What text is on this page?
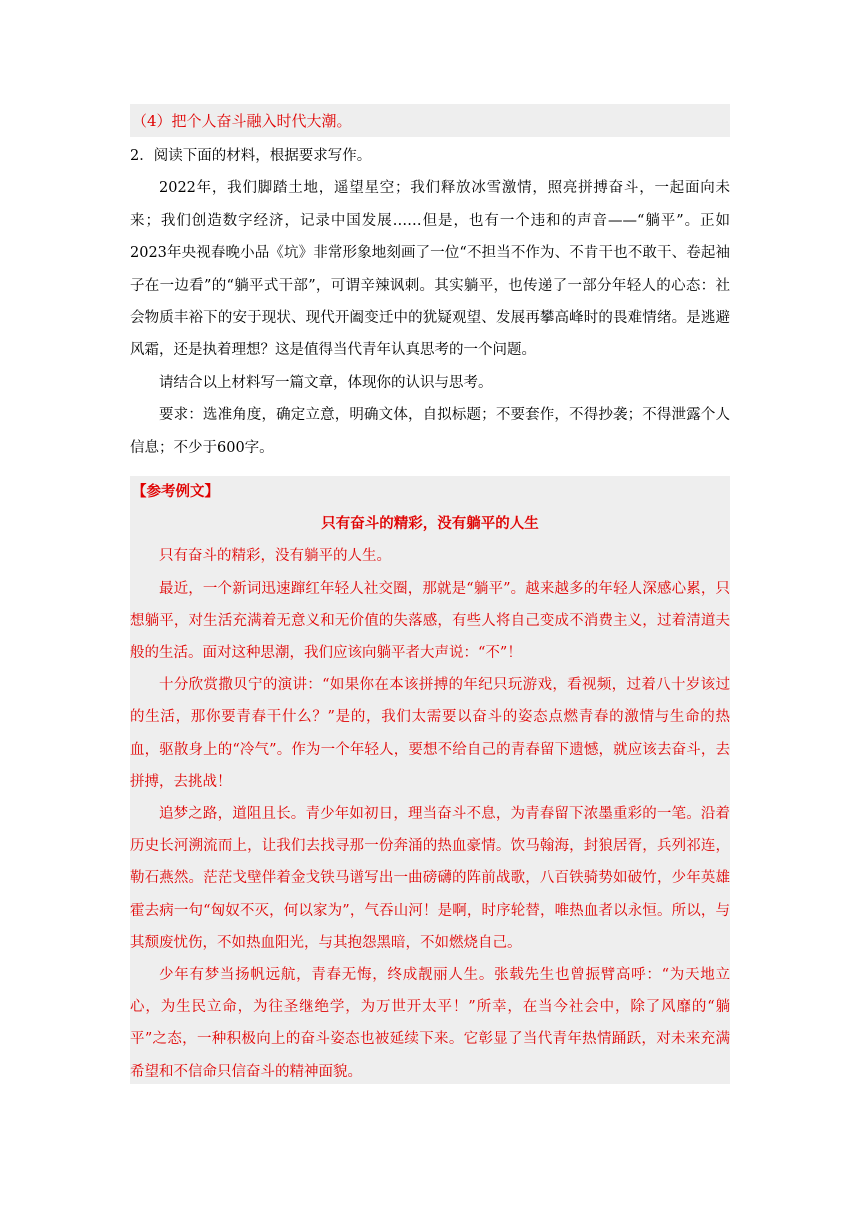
（4）把个人奋斗融入时代大潮。

2．阅读下面的材料，根据要求写作。

2022年，我们脚踏土地，遥望星空；我们释放冰雪激情，照亮拼搏奋斗，一起面向未来；我们创造数字经济，记录中国发展……但是，也有一个违和的声音——“躺平”。正如2023年央视春晚小品《坑》非常形象地刻画了一位“不担当不作为、不肯干也不敢干、卷起袖子在一边看”的“躺平式干部”，可谓辛辣讽刺。其实躺平，也传递了一部分年轻人的心态：社会物质丰裕下的安于现状、现代开阖变迁中的犹疑观望、发展再攀高峰时的畏难情绪。是逃避风霜，还是执着理想？这是值得当代青年认真思考的一个问题。

请结合以上材料写一篇文章，体现你的认识与思考。

要求：选准角度，确定立意，明确文体，自拟标题；不要套作，不得抄袭；不得泄露个人信息；不少于600字。

【参考例文】

只有奋斗的精彩，没有躺平的人生

只有奋斗的精彩，没有躺平的人生。

最近，一个新词迅速蹿红年轻人社交圈，那就是“躺平”。越来越多的年轻人深感心累，只想躺平，对生活充满着无意义和无价值的失落感，有些人将自己变成不消费主义，过着清道夫般的生活。面对这种思潮，我们应该向躺平者大声说：“不”！

十分欣赏撒贝宁的演讲：“如果你在本该拼搏的年纪只玩游戏，看视频，过着八十岁该过的生活，那你要青春干什么？”是的，我们太需要以奋斗的姿态点燃青春的激情与生命的热血，驱散身上的“冷气”。作为一个年轻人，要想不给自己的青春留下遗憾，就应该去奋斗，去拼搏，去挑战！

追梦之路，道阻且长。青少年如初日，理当奋斗不息，为青春留下浓墨重彩的一笔。沿着历史长河溯流而上，让我们去找寻那一份奔涌的热血豪情。饮马翰海，封狼居胥，兵列祁连，勒石燕然。茫茫戈壁伴着金戈铁马谱写出一曲磅礴的阵前战歌，八百铁骑势如破竹，少年英雄霍去病一句“匈奴不灭，何以家为”，气吞山河！是啊，时序轮替，唯热血者以永恒。所以，与其颓废忧伤，不如热血阳光，与其抱怨黑暗，不如燃烧自己。

少年有梦当扬帆远航，青春无悔，终成靓丽人生。张载先生也曾振臂高呼：“为天地立心，为生民立命，为往圣继绝学，为万世开太平！”所幸，在当今社会中，除了风靡的“躺平”之态，一种积极向上的奋斗姿态也被延续下来。它彰显了当代青年热情踊跃，对未来充满希望和不信命只信奋斗的精神面貌。
